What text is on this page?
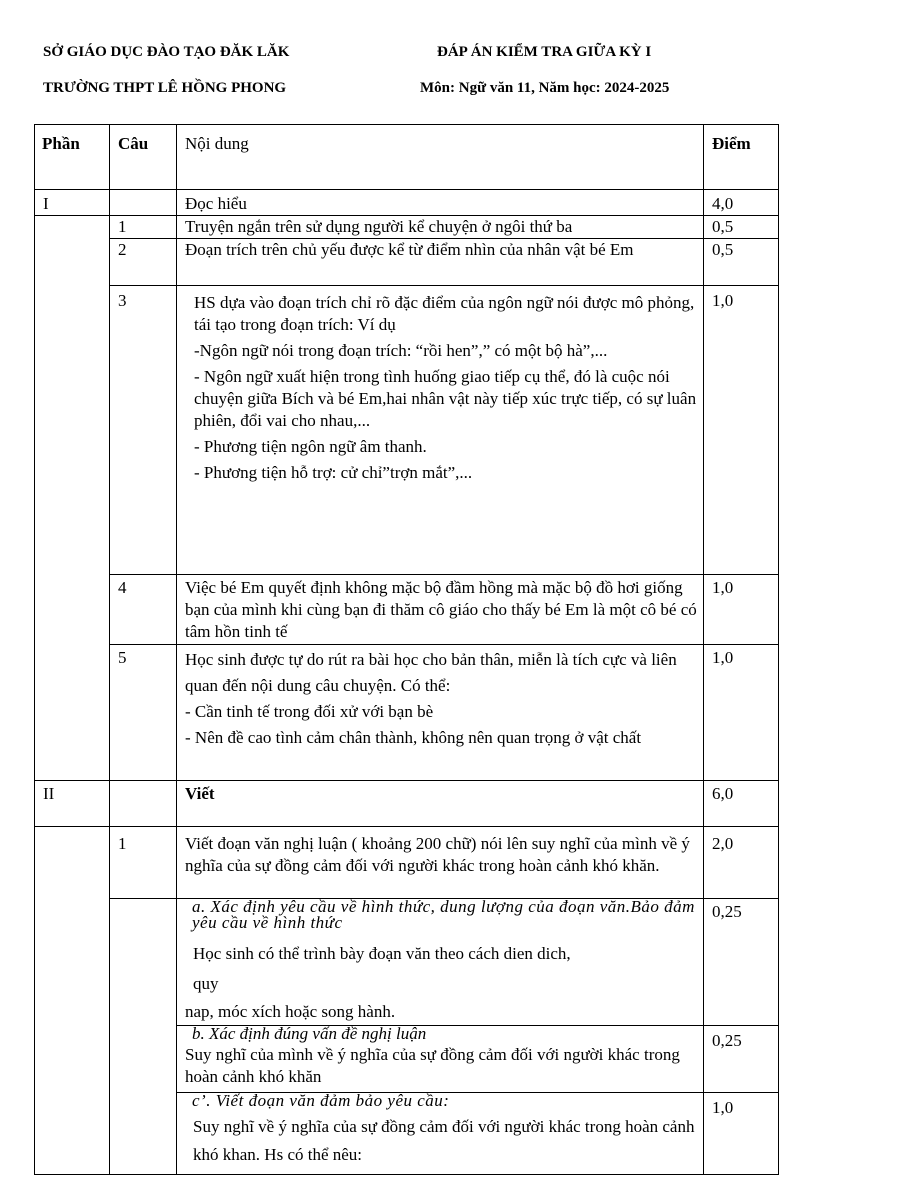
SỞ GIÁO DỤC ĐÀO TẠO ĐĂK LĂK
TRƯỜNG THPT LÊ HỒNG PHONG
ĐÁP ÁN KIỂM TRA GIỮA KỲ I
Môn: Ngữ văn 11, Năm học: 2024-2025
Phần	Câu	Nội dung	Điểm
I		Đọc hiểu	4,0
	1	Truyện ngắn trên sử dụng người kể chuyện ở ngôi thứ ba	0,5
	2	Đoạn trích trên chủ yếu được kể từ điểm nhìn của nhân vật bé Em	0,5
	3	HS dựa vào đoạn trích chỉ rõ đặc điểm của ngôn ngữ nói được mô phỏng, tái tạo trong đoạn trích: Ví dụ

-Ngôn ngữ nói trong đoạn trích: “rồi hen”,” có một bộ hà”,...

- Ngôn ngữ xuất hiện trong tình huống giao tiếp cụ thể, đó là cuộc nói chuyện giữa Bích và bé Em,hai nhân vật này tiếp xúc trực tiếp, có sự luân phiên, đổi vai cho nhau,...

- Phương tiện ngôn ngữ âm thanh.

- Phương tiện hỗ trợ: cử chỉ”trợn mắt”,...	1,0
	4	Việc bé Em quyết định không mặc bộ đầm hồng mà mặc bộ đồ hơi giống bạn của mình khi cùng bạn đi thăm cô giáo cho thấy bé Em là một cô bé có tâm hồn tinh tế	1,0
	5	Học sinh được tự do rút ra bài học cho bản thân, miễn là tích cực và liên quan đến nội dung câu chuyện. Có thể:

- Cần tinh tế trong đối xử với bạn bè

- Nên đề cao tình cảm chân thành, không nên quan trọng ở vật chất	1,0
II		Viết	6,0
	1	Viết đoạn văn nghị luận ( khoảng 200 chữ) nói lên suy nghĩ của mình về ý nghĩa của sự đồng cảm đối với người khác trong hoàn cảnh khó khăn.	2,0

		a. Xác định yêu cầu về hình thức, dung lượng của đoạn văn.Bảo đảm yêu cầu về hình thức

Học sinh có thể trình bày đoạn văn theo cách dien dich,

quy

nap, móc xích hoặc song hành.	0,25

		b. Xác định đúng vấn đề nghị luận

Suy nghĩ của mình về ý nghĩa của sự đồng cảm đối với người khác trong hoàn cảnh khó khăn	0,25

		c’. Viết đoạn văn đảm bảo yêu cầu:

Suy nghĩ về ý nghĩa của sự đồng cảm đối với người khác trong hoàn cảnh khó khan. Hs có thể nêu:	1,0
